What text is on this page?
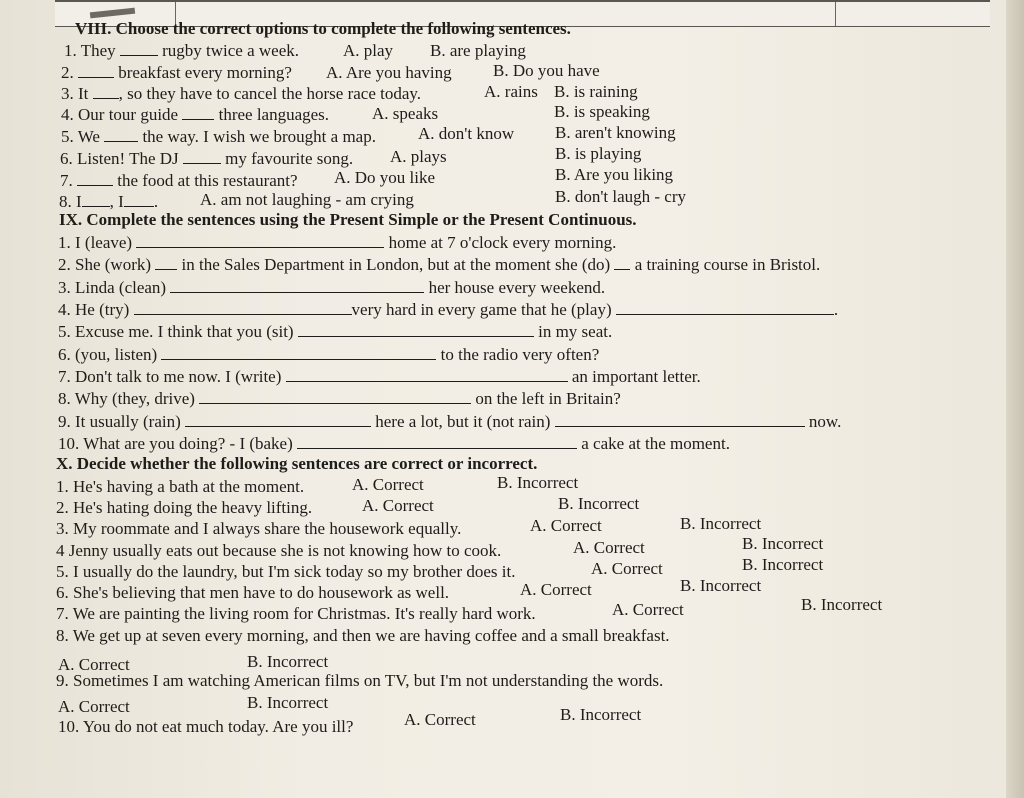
VIII. Choose the correct options to complete the following sentences.
1. They	rugby twice a week.	A. play B. are playing
2.	breakfast every morning? A. Are you having B. Do you have
3. It , so they have to cancel the horse race today.	A. rains B. is raining
4. Our tour guide three languages.	A. speaks	B. is speaking
5. We	the way. I wish we brought a map. A. don't know B. aren't knowing
6. Listen! The DJ	my favourite song. A. plays	B. is playing
7.	the food at this restaurant? A. Do you like	B. Are you liking
8. I , I . A. am not laughing - am crying	B. don't laugh - cry
IX. Complete the sentences using the Present Simple or the Present Continuous.
1. I (leave)	home at 7 o'clock every morning.
2. She (work) in the Sales Department in London, but at the moment she (do) a training course in Bristol.
3. Linda (clean)	her house every weekend.
4. He (try)	very hard in every game that he (play)	.
5. Excuse me. I think that you (sit)	in my seat.
6. (you, listen)	to the radio very often?
7. Don't talk to me now. I (write)	an important letter.
8. Why (they, drive)	on the left in Britain?
9. It usually (rain)	here a lot, but it (not rain)	now.
10. What are you doing? - I (bake)	a cake at the moment.
X. Decide whether the following sentences are correct or incorrect.
1. He's having a bath at the moment.	A. Correct	B. Incorrect
2. He's hating doing the heavy lifting.	A. Correct	B. Incorrect
3. My roommate and I always share the housework equally.	A. Correct	B. Incorrect
4 Jenny usually eats out because she is not knowing how to cook.	A. Correct	B. Incorrect
5. I usually do the laundry, but I'm sick today so my brother does it.	A. Correct	B. Incorrect
6. She's believing that men have to do housework as well.	A. Correct	B. Incorrect
7. We are painting the living room for Christmas. It's really hard work.	A. Correct	B. Incorrect
8. We get up at seven every morning, and then we are having coffee and a small breakfast.
A. Correct	B. Incorrect
9. Sometimes I am watching American films on TV, but I'm not understanding the words.
A. Correct	B. Incorrect
10. You do not eat much today. Are you ill?	A. Correct	B. Incorrect
